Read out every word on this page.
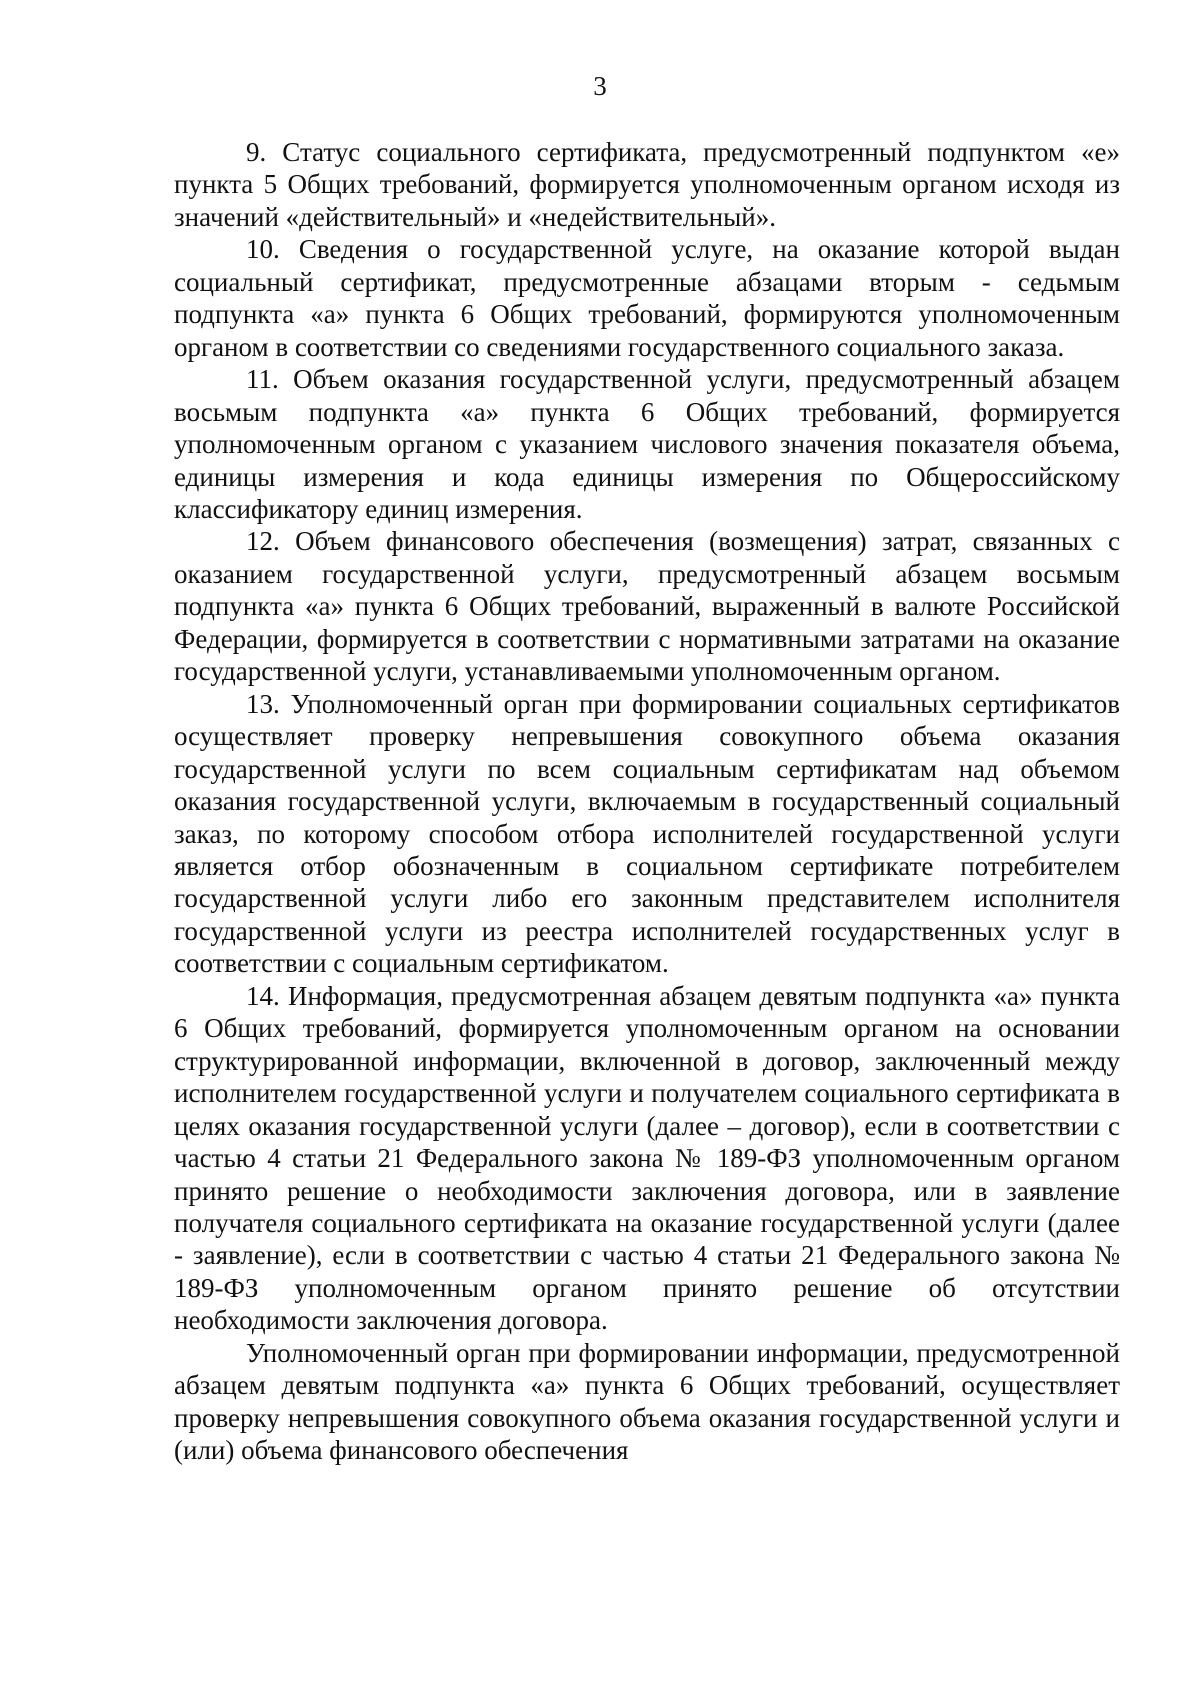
3

9. Статус социального сертификата, предусмотренный подпунктом «е» пункта 5 Общих требований, формируется уполномоченным органом исходя из значений «действительный» и «недействительный».

10. Сведения о государственной услуге, на оказание которой выдан социальный сертификат, предусмотренные абзацами вторым - седьмым подпункта «а» пункта 6 Общих требований, формируются уполномоченным органом в соответствии со сведениями государственного социального заказа.

11. Объем оказания государственной услуги, предусмотренный абзацем восьмым подпункта «а» пункта 6 Общих требований, формируется уполномоченным органом с указанием числового значения показателя объема, единицы измерения и кода единицы измерения по Общероссийскому классификатору единиц измерения.

12. Объем финансового обеспечения (возмещения) затрат, связанных с оказанием государственной услуги, предусмотренный абзацем восьмым подпункта «а» пункта 6 Общих требований, выраженный в валюте Российской Федерации, формируется в соответствии с нормативными затратами на оказание государственной услуги, устанавливаемыми уполномоченным органом.

13. Уполномоченный орган при формировании социальных сертификатов осуществляет проверку непревышения совокупного объема оказания государственной услуги по всем социальным сертификатам над объемом оказания государственной услуги, включаемым в государственный социальный заказ, по которому способом отбора исполнителей государственной услуги является отбор обозначенным в социальном сертификате потребителем государственной услуги либо его законным представителем исполнителя государственной услуги из реестра исполнителей государственных услуг в соответствии с социальным сертификатом.

14. Информация, предусмотренная абзацем девятым подпункта «а» пункта 6 Общих требований, формируется уполномоченным органом на основании структурированной информации, включенной в договор, заключенный между исполнителем государственной услуги и получателем социального сертификата в целях оказания государственной услуги (далее – договор), если в соответствии с частью 4 статьи 21 Федерального закона № 189-ФЗ уполномоченным органом принято решение о необходимости заключения договора, или в заявление получателя социального сертификата на оказание государственной услуги (далее - заявление), если в соответствии с частью 4 статьи 21 Федерального закона № 189-ФЗ уполномоченным органом принято решение об отсутствии необходимости заключения договора.

Уполномоченный орган при формировании информации, предусмотренной абзацем девятым подпункта «а» пункта 6 Общих требований, осуществляет проверку непревышения совокупного объема оказания государственной услуги и (или) объема финансового обеспечения
